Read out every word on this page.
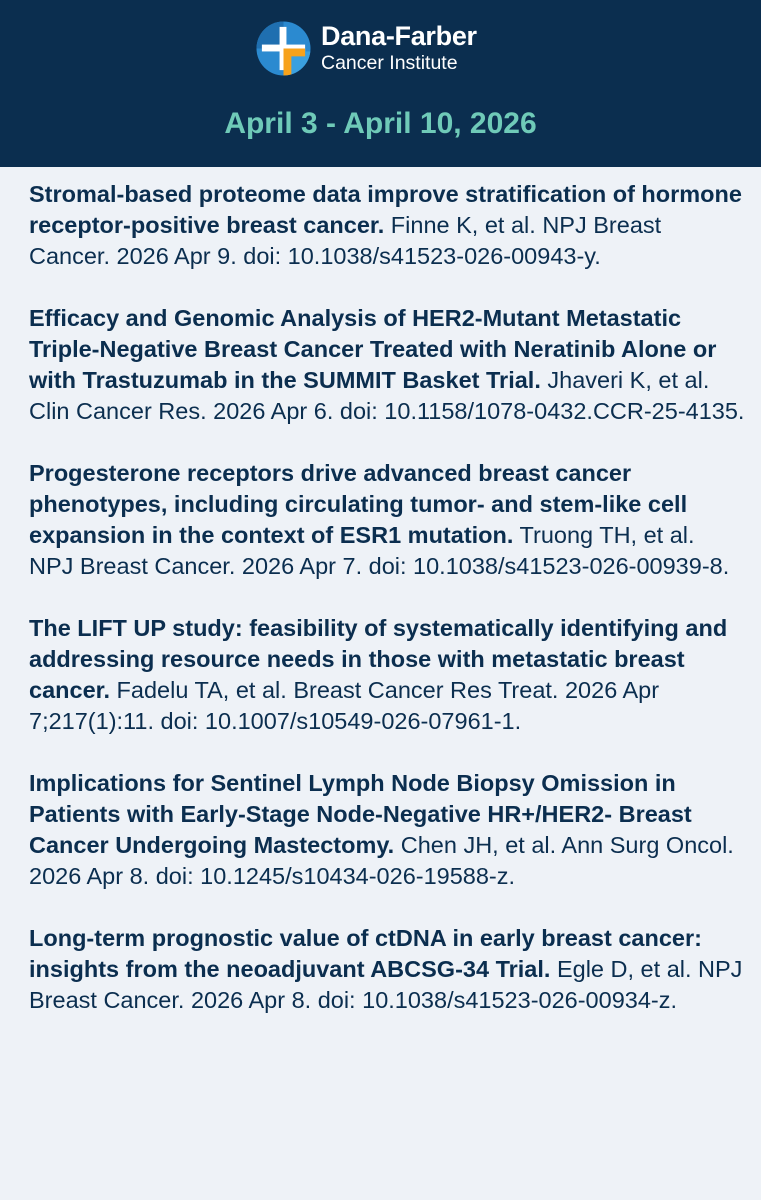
Dana-Farber
Cancer Institute
April 3 - April 10, 2026
Stromal-based proteome data improve stratification of hormone receptor-positive breast cancer. Finne K, et al. NPJ Breast Cancer. 2026 Apr 9. doi: 10.1038/s41523-026-00943-y.
Efficacy and Genomic Analysis of HER2-Mutant Metastatic Triple-Negative Breast Cancer Treated with Neratinib Alone or with Trastuzumab in the SUMMIT Basket Trial. Jhaveri K, et al. Clin Cancer Res. 2026 Apr 6. doi: 10.1158/1078-0432.CCR-25-4135.
Progesterone receptors drive advanced breast cancer phenotypes, including circulating tumor- and stem-like cell expansion in the context of ESR1 mutation. Truong TH, et al. NPJ Breast Cancer. 2026 Apr 7. doi: 10.1038/s41523-026-00939-8.
The LIFT UP study: feasibility of systematically identifying and addressing resource needs in those with metastatic breast cancer. Fadelu TA, et al. Breast Cancer Res Treat. 2026 Apr 7;217(1):11. doi: 10.1007/s10549-026-07961-1.
Implications for Sentinel Lymph Node Biopsy Omission in Patients with Early-Stage Node-Negative HR+/HER2- Breast Cancer Undergoing Mastectomy. Chen JH, et al. Ann Surg Oncol. 2026 Apr 8. doi: 10.1245/s10434-026-19588-z.
Long-term prognostic value of ctDNA in early breast cancer: insights from the neoadjuvant ABCSG-34 Trial. Egle D, et al. NPJ Breast Cancer. 2026 Apr 8. doi: 10.1038/s41523-026-00934-z.
